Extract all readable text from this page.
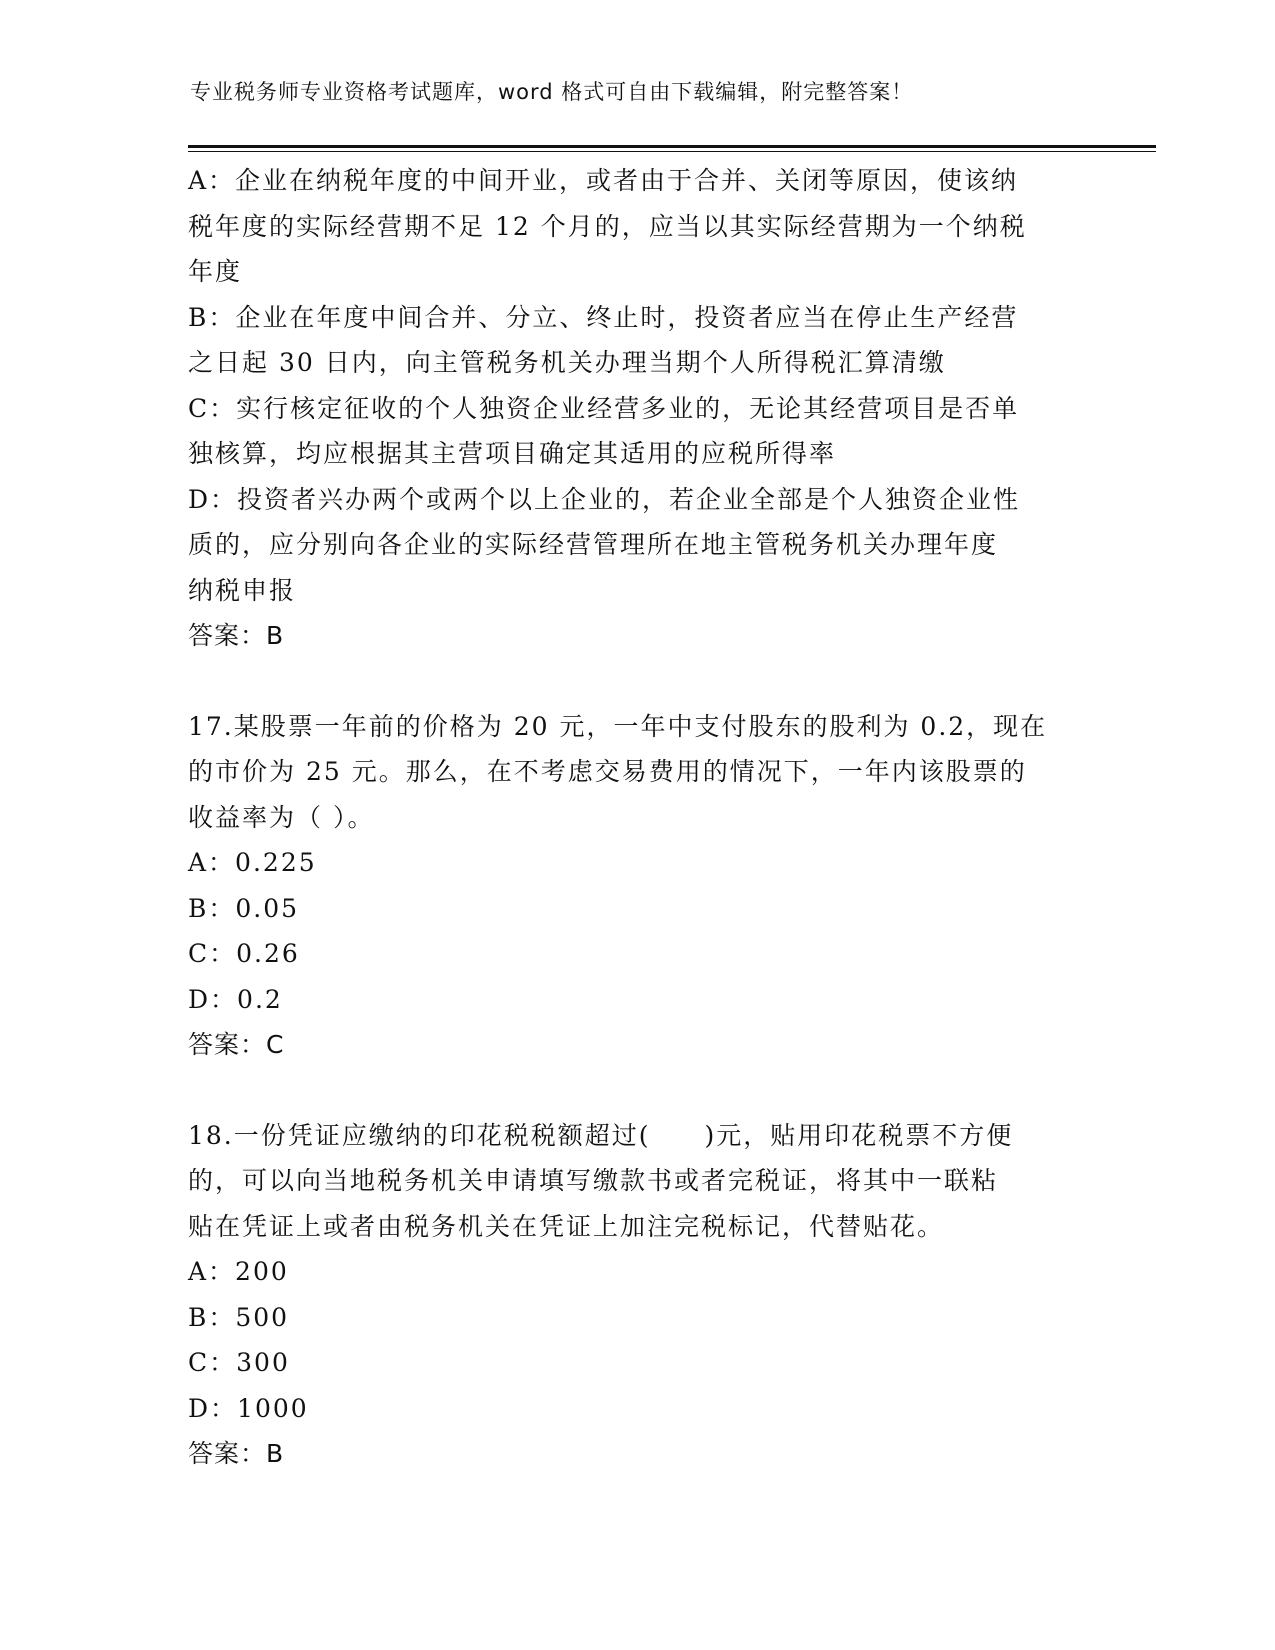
专业税务师专业资格考试题库，word 格式可自由下载编辑，附完整答案！
A：企业在纳税年度的中间开业，或者由于合并、关闭等原因，使该纳
税年度的实际经营期不足 12 个月的，应当以其实际经营期为一个纳税
年度
B：企业在年度中间合并、分立、终止时，投资者应当在停止生产经营
之日起 30 日内，向主管税务机关办理当期个人所得税汇算清缴
C：实行核定征收的个人独资企业经营多业的，无论其经营项目是否单
独核算，均应根据其主营项目确定其适用的应税所得率
D：投资者兴办两个或两个以上企业的，若企业全部是个人独资企业性
质的，应分别向各企业的实际经营管理所在地主管税务机关办理年度
纳税申报
答案：B
17.某股票一年前的价格为 20 元，一年中支付股东的股利为 0.2，现在
的市价为 25 元。那么，在不考虑交易费用的情况下，一年内该股票的
收益率为（ ）。
A：0.225
B：0.05
C：0.26
D：0.2
答案：C
18.一份凭证应缴纳的印花税税额超过(　　)元，贴用印花税票不方便
的，可以向当地税务机关申请填写缴款书或者完税证，将其中一联粘
贴在凭证上或者由税务机关在凭证上加注完税标记，代替贴花。
A：200
B：500
C：300
D：1000
答案：B
